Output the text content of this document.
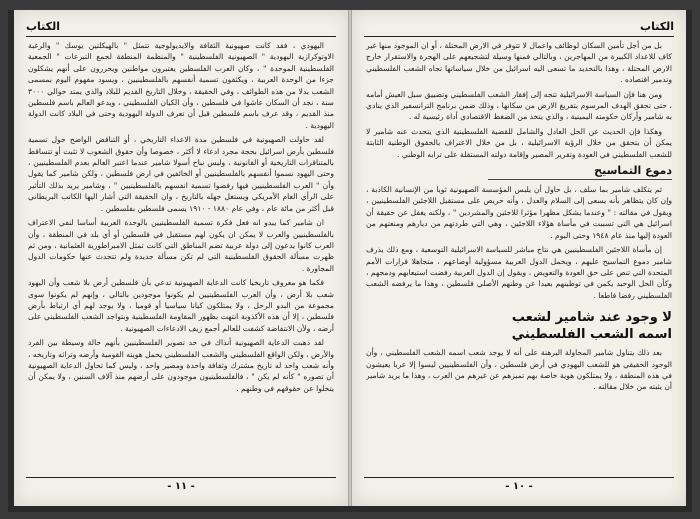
الكتاب

اليهودي ، فقد كانت صهيونية الثقافة والايديولوجية تتمثل " بالهيكلتين يوسك " والرغبة الاوتوكرازية اليهودية " الصهيونية الفلسطينية " والمنظمة المنطقة لجمع التبرعات " الجمعية الفلسطينية الموحدة " ، وكان العرب الفلسطين يعتبرون مواطنين ويحررون على أنهم يشكلون جزءا من الوحدة العربية ، ويكثفون تسمية أنفسهم بالفلسطينيين ، ويسود مفهوم اليوم بمسمى الشعب بدلا من هذه الطوائف ، وفي الحقيقة ، وخلال التاريخ القديم للبلاد والذي يمتد حوالي ٣٠٠٠ سنة ، نجد أن السكان عاشوا في فلسطين ، وأن الكيان الفلسطيني ، ويدعو العالم باسم فلسطين منذ القديم ، وقد عرف باسم فلسطين قبل أن تعرف الدولة اليهودية وحتى في البلاد كانت الدولة اليهودية .

لقد حاولت الصهيونية في فلسطين مدة الاعداء التاريخي ، أو التناقض الواضح حول تسمية فلسطين بأرض اسرائيل بحجة مجرد ادعاء لا أكثر ، خصوصا وأن حقوق الشعوب لا تثبت أو تتساقط بالمتناقرات التاريخية أو القانونية ، وليس نباح أسولا شامير عندما اعتبر العالم بعدم الفلسطينيين ، وحتى اليهود نسموا أنفسهم بالفلسطينيين أو الخائفين في ارض فلسطين ، ولكن شامير كما يقول وأن " العرب الفلسطينيين فيها رفضوا تسمية انفسهم بالفلسطينيين " ، وشامير يريد بذلك التأثير على الرأي العام الأمريكي ويستغل جهله بالتاريخ ، وان الحقيقة التي أشار اليها الكاتب البريطاني قبل أكثر من مائة عام ، وفي عام ١٨٨٠ - ١٩١٠ يسمى فلسطين بفلسطين .

ان شامير كما يبدو انه فعل فكرة تسمية الفلسطينيين بالوحدة العربية أساسا لنفي الاعتراف بالفلسطينيين والعرب لا يمكن ان يكون لهم مستقبل في فلسطين أو أي بلد في المنطقة ، وأن العرب كانوا يدعون إلى دولة عربية تضم المناطق التي كانت تمثل الامبراطورية العثمانية ، ومن ثم ظهرت مسألة الحقوق الفلسطينية التي لم تكن مسألة جديدة ولم تتحدث عنها حكومات الدول المجاورة .

فكما هو معروف تاريخيا كانت الدعاية الصهيونية تدعي بأن فلسطين أرض بلا شعب وأن اليهود شعب بلا أرض ، وأن العرب الفلسطينيين لم يكونوا موجودين بالتالي ، وإنهم لم يكونوا سوى مجموعة من البدو الرحل ، ولا يمتلكون كيانا سياسيا أو قوميا ، ولا يوجد لهم أي ارتباط بأرض فلسطين ، إلا أن هذه الأكذوبة انتهت بظهور المقاومة الفلسطينية وبتواجد الشعب الفلسطيني على أرضه ، ولأن الانتفاضة كشفت للعالم أجمع زيف الادعاءات الصهيونية .

لقد ذهبت الدعاية الصهيونية أنذاك في حد تصوير الفلسطينيين بأنهم حالة وسيطة بين الفرد والأرض ، ولكن الواقع الفلسطيني والشعب الفلسطيني يحمل هويته القومية وأرضه وتراثه وتاريخه ، وأنه شعب واحد له تاريخ مشترك وثقافة واحدة ومصير واحد ، وليس كما تحاول الدعاية الصهيونية أن تصوره " كأنه لم يكن " ، فالفلسطينيون موجودون على أرضهم منذ آلاف السنين ، ولا يمكن أن يتخلوا عن حقوقهم في وطنهم .

- ١١ -
الكتاب

بل من أجل تأمين السكان لوظائف واعمال لا تتوفر في الارض المحتلة ، أو ان الموجود منها غير كاف للاعداد الكبيرة من المهاجرين ، وبالتالي فمنها وسيلة لتشجيعهم على الهجرة والاستقرار خارج الارض المحتلة ، وهذا بالتحديد ما تسعى اليه اسرائيل من خلال سياساتها تجاه الشعب الفلسطيني وتدمير اقتصاده .

ومن هنا فإن السياسة الاسرائيلية تتجه إلى إفقار الشعب الفلسطيني وتضييق سبل العيش أمامه ، حتى تحقق الهدف المرسوم بتفريغ الارض من سكانها ، وذلك ضمن برنامج الترانسفير الذي ينادي به شامير وأركان حكومته اليمينية ، والذي يتخذ من الضغط الاقتصادي أداة رئيسية له .

وهكذا فإن الحديث عن الحل العادل والشامل للقضية الفلسطينية الذي يتحدث عنه شامير لا يمكن أن يتحقق من خلال الرؤية الاسرائيلية ، بل من خلال الاعتراف بالحقوق الوطنية الثابتة للشعب الفلسطيني في العودة وتقرير المصير وإقامة دولته المستقلة على ترابه الوطني .

دموع التماسيح

ثم يتكلف شامير بما سلف ، بل حاول أن يلبس المؤسسة الصهيونية ثوبا من الإنسانية الكاذبة ، وإن كان يتظاهر بأنه يسعى إلى السلام والعدل ، وأنه حريص على مستقبل اللاجئين الفلسطينيين ، ويقول في مقالته : " وعندما يشكل مظهرا مؤثرا للاجئين والمشردين " ، ولكنه يغفل عن حقيقة أن اسرائيل هي التي تسببت في مأساة هؤلاء اللاجئين ، وهي التي طردتهم من ديارهم ومنعتهم من العودة إليها منذ عام ١٩٤٨ وحتى اليوم .

إن مأساة اللاجئين الفلسطينيين هي نتاج مباشر للسياسة الاسرائيلية التوسعية ، ومع ذلك يذرف شامير دموع التماسيح عليهم ، ويحمل الدول العربية مسؤولية أوضاعهم ، متجاهلا قرارات الأمم المتحدة التي تنص على حق العودة والتعويض ، ويقول إن الدول العربية رفضت استيعابهم ودمجهم ، وكأن الحل الوحيد يكمن في توطينهم بعيدا عن وطنهم الأصلي فلسطين ، وهذا ما يرفضه الشعب الفلسطيني رفضا قاطعا .

لا وجود عند شامير لشعب
اسمه الشعب الفلسطيني

بعد ذلك يتناول شامير المحاولة البرهنة على أنه لا يوجد شعب اسمه الشعب الفلسطيني ، وأن الوجود الحقيقي هو للشعب اليهودي في أرض فلسطين ، وأن الفلسطينيين ليسوا إلا عربا يعيشون في هذه المنطقة ، ولا يمتلكون هوية خاصة بهم تميزهم عن غيرهم من العرب ، وهذا ما يريد شامير أن يثبته من خلال مقالته .

- ١٠ -
